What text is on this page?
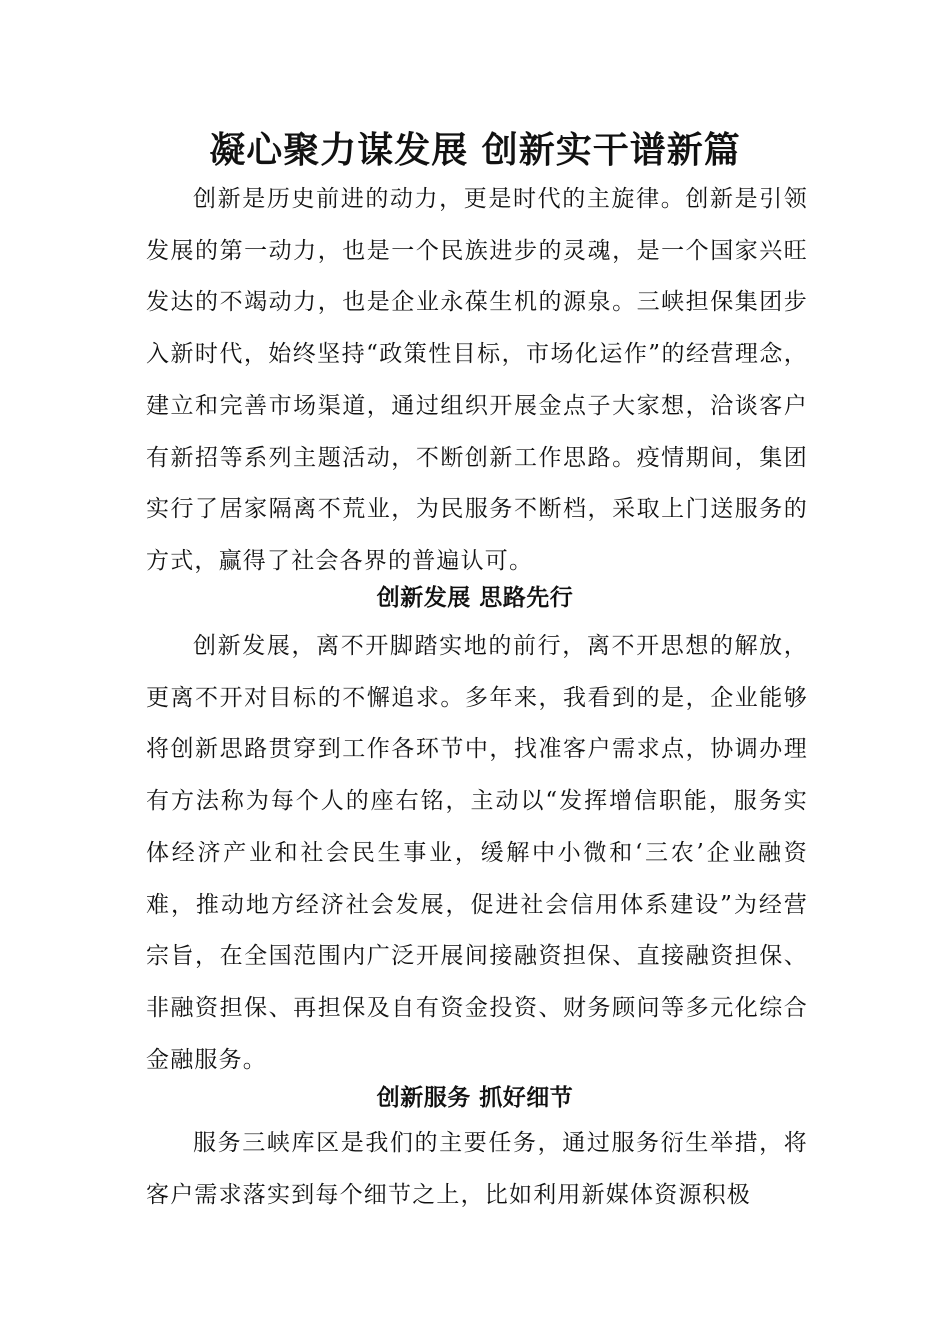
凝心聚力谋发展 创新实干谱新篇

创新是历史前进的动力，更是时代的主旋律。创新是引领发展的第一动力，也是一个民族进步的灵魂，是一个国家兴旺发达的不竭动力，也是企业永葆生机的源泉。三峡担保集团步入新时代，始终坚持“政策性目标，市场化运作”的经营理念，建立和完善市场渠道，通过组织开展金点子大家想，洽谈客户有新招等系列主题活动，不断创新工作思路。疫情期间，集团实行了居家隔离不荒业，为民服务不断档，采取上门送服务的方式，赢得了社会各界的普遍认可。

创新发展 思路先行

创新发展，离不开脚踏实地的前行，离不开思想的解放，更离不开对目标的不懈追求。多年来，我看到的是，企业能够将创新思路贯穿到工作各环节中，找准客户需求点，协调办理有方法称为每个人的座右铭，主动以“发挥增信职能，服务实体经济产业和社会民生事业，缓解中小微和‘三农’企业融资难，推动地方经济社会发展，促进社会信用体系建设”为经营宗旨，在全国范围内广泛开展间接融资担保、直接融资担保、非融资担保、再担保及自有资金投资、财务顾问等多元化综合金融服务。

创新服务 抓好细节

服务三峡库区是我们的主要任务，通过服务衍生举措，将客户需求落实到每个细节之上，比如利用新媒体资源积极
